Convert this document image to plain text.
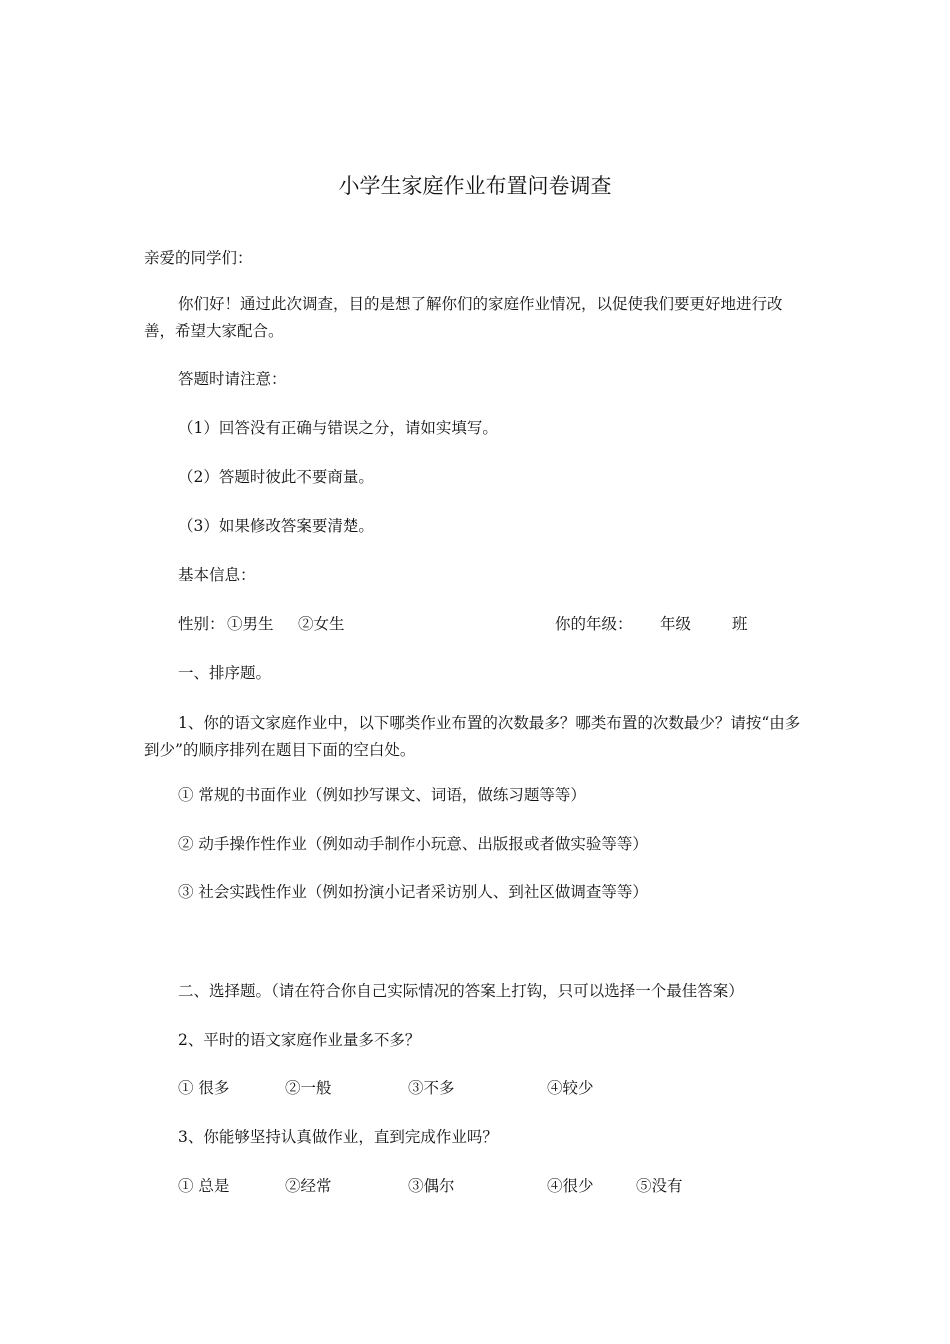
小学生家庭作业布置问卷调查
亲爱的同学们：
你们好！通过此次调查，目的是想了解你们的家庭作业情况，以促使我们要更好地进行改善，希望大家配合。
答题时请注意：
（1）回答没有正确与错误之分，请如实填写。
（2）答题时彼此不要商量。
（3）如果修改答案要清楚。
基本信息：
性别： ①男生 ②女生	你的年级： 年级	班
一、排序题。
1、你的语文家庭作业中，以下哪类作业布置的次数最多？哪类布置的次数最少？请按“由多到少”的顺序排列在题目下面的空白处。
① 常规的书面作业（例如抄写课文、词语，做练习题等等）
② 动手操作性作业（例如动手制作小玩意、出版报或者做实验等等）
③ 社会实践性作业（例如扮演小记者采访别人、到社区做调查等等）
二、选择题。（请在符合你自己实际情况的答案上打钩，只可以选择一个最佳答案）
2、平时的语文家庭作业量多不多？
① 很多	②一般	③不多	④较少
3、你能够坚持认真做作业，直到完成作业吗？
① 总是	②经常	③偶尔	④很少	⑤没有
